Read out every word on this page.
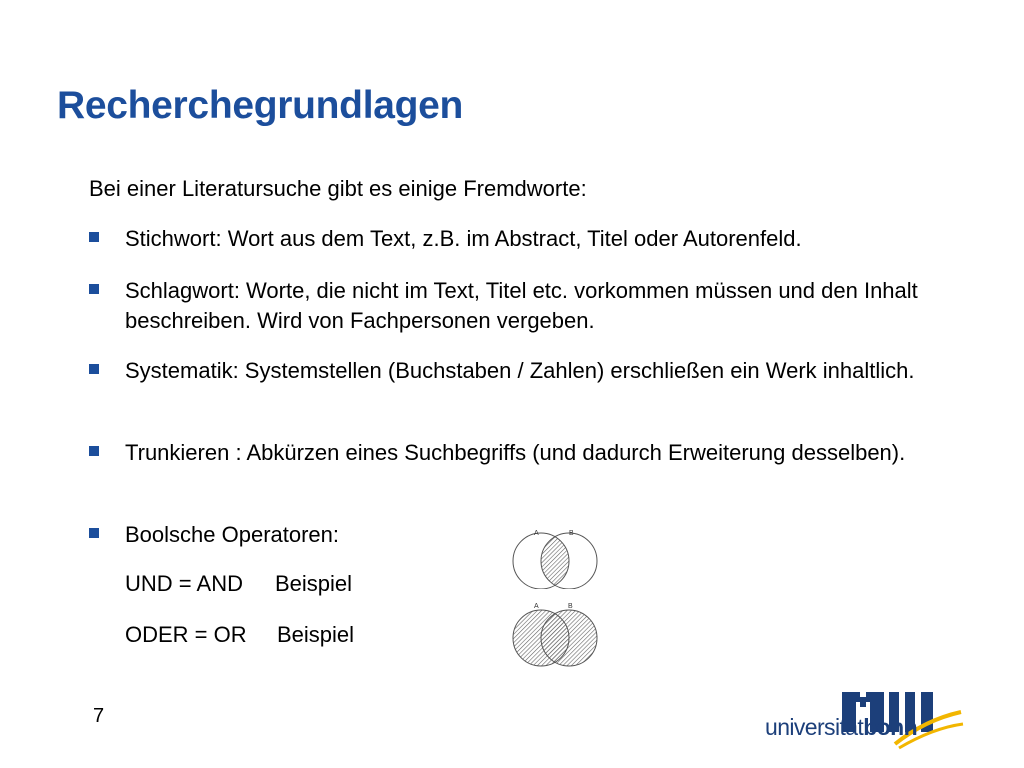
Recherchegrundlagen
Bei einer Literatursuche gibt es einige Fremdworte:
Stichwort: Wort aus dem Text, z.B. im Abstract, Titel oder Autorenfeld.
Schlagwort: Worte, die nicht im Text, Titel etc. vorkommen müssen und den Inhalt beschreiben. Wird von Fachpersonen vergeben.
Systematik: Systemstellen (Buchstaben / Zahlen) erschließen ein Werk inhaltlich.
Trunkieren : Abkürzen eines Suchbegriffs (und dadurch Erweiterung desselben).
Boolsche Operatoren:
UND = AND Beispiel
ODER = OR Beispiel
A	B
A	B
7	universitätbonn
